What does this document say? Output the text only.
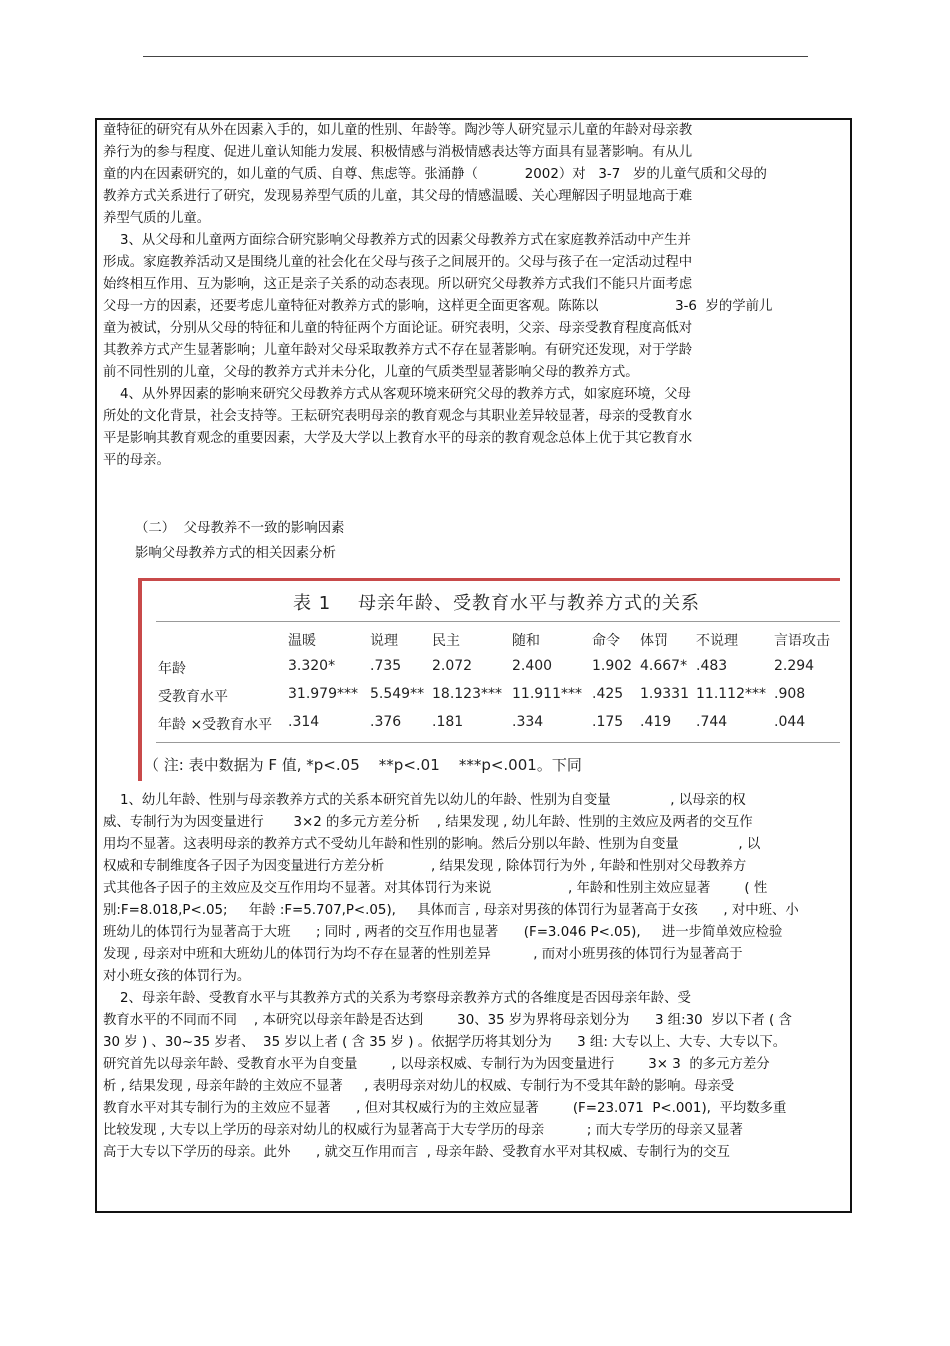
童特征的研究有从外在因素入手的，如儿童的性别、年龄等。陶沙等人研究显示儿童的年龄对母亲教

养行为的参与程度、促进儿童认知能力发展、积极情感与消极情感表达等方面具有显著影响。有从儿

童的内在因素研究的，如儿童的气质、自尊、焦虑等。张涌静（           2002）对   3-7   岁的儿童气质和父母的

教养方式关系进行了研究，发现易养型气质的儿童，其父母的情感温暖、关心理解因子明显地高于难

养型气质的儿童。

3、从父母和儿童两方面综合研究影响父母教养方式的因素父母教养方式在家庭教养活动中产生并

形成。家庭教养活动又是围绕儿童的社会化在父母与孩子之间展开的。父母与孩子在一定活动过程中

始终相互作用、互为影响，这正是亲子关系的动态表现。所以研究父母教养方式我们不能只片面考虑

父母一方的因素，还要考虑儿童特征对教养方式的影响，这样更全面更客观。陈陈以                  3-6  岁的学前儿

童为被试，分别从父母的特征和儿童的特征两个方面论证。研究表明，父亲、母亲受教育程度高低对

其教养方式产生显著影响；儿童年龄对父母采取教养方式不存在显著影响。有研究还发现，对于学龄

前不同性别的儿童，父母的教养方式并未分化，儿童的气质类型显著影响父母的教养方式。

4、从外界因素的影响来研究父母教养方式从客观环境来研究父母的教养方式，如家庭环境，父母

所处的文化背景，社会支持等。王耘研究表明母亲的教育观念与其职业差异较显著，母亲的受教育水

平是影响其教育观念的重要因素，大学及大学以上教育水平的母亲的教育观念总体上优于其它教育水

平的母亲。

（二）  父母教养不一致的影响因素
影响父母教养方式的相关因素分析
表 1    母亲年龄、受教育水平与教养方式的关系
温暖	说理 民主	随和	命令 体罚 不说理	言语攻击
年龄	3.320* .735 2.072	2.400	1.902 4.667* .483	2.294
受教育水平	31.979*** 5.549** 18.123*** 11.911*** .425 1.9331 11.112*** .908
年龄 ×受教育水平 .314	.376 .181	.334	.175 .419 .744	.044
（ 注: 表中数据为 F 值, *p<.05    **p<.01    ***p<.001。下同

1、幼儿年龄、性别与母亲教养方式的关系本研究首先以幼儿的年龄、性别为自变量              , 以母亲的权

威、专制行为为因变量进行       3×2 的多元方差分析    , 结果发现 , 幼儿年龄、性别的主效应及两者的交互作

用均不显著。这表明母亲的教养方式不受幼儿年龄和性别的影响。然后分别以年龄、性别为自变量              , 以

权威和专制维度各子因子为因变量进行方差分析           , 结果发现 , 除体罚行为外 , 年龄和性别对父母教养方

式其他各子因子的主效应及交互作用均不显著。对其体罚行为来说                  , 年龄和性别主效应显著        ( 性

别:F=8.018,P<.05;     年龄 :F=5.707,P<.05),     具体而言 , 母亲对男孩的体罚行为显著高于女孩      , 对中班、小

班幼儿的体罚行为显著高于大班      ; 同时 , 两者的交互作用也显著      (F=3.046 P<.05),     进一步简单效应检验

发现 , 母亲对中班和大班幼儿的体罚行为均不存在显著的性别差异          , 而对小班男孩的体罚行为显著高于

对小班女孩的体罚行为。

2、母亲年龄、受教育水平与其教养方式的关系为考察母亲教养方式的各维度是否因母亲年龄、受

教育水平的不同而不同    , 本研究以母亲年龄是否达到        30、35 岁为界将母亲划分为      3 组:30  岁以下者 ( 含

30 岁 ) 、30~35 岁者、  35 岁以上者 ( 含 35 岁 ) 。依据学历将其划分为      3 组: 大专以上、大专、大专以下。

研究首先以母亲年龄、受教育水平为自变量        , 以母亲权威、专制行为为因变量进行        3× 3  的多元方差分

析 , 结果发现 , 母亲年龄的主效应不显著     , 表明母亲对幼儿的权威、专制行为不受其年龄的影响。母亲受

教育水平对其专制行为的主效应不显著      , 但对其权威行为的主效应显著        (F=23.071  P<.001),  平均数多重

比较发现 , 大专以上学历的母亲对幼儿的权威行为显著高于大专学历的母亲          ; 而大专学历的母亲又显著

高于大专以下学历的母亲。此外      , 就交互作用而言  , 母亲年龄、受教育水平对其权威、专制行为的交互
